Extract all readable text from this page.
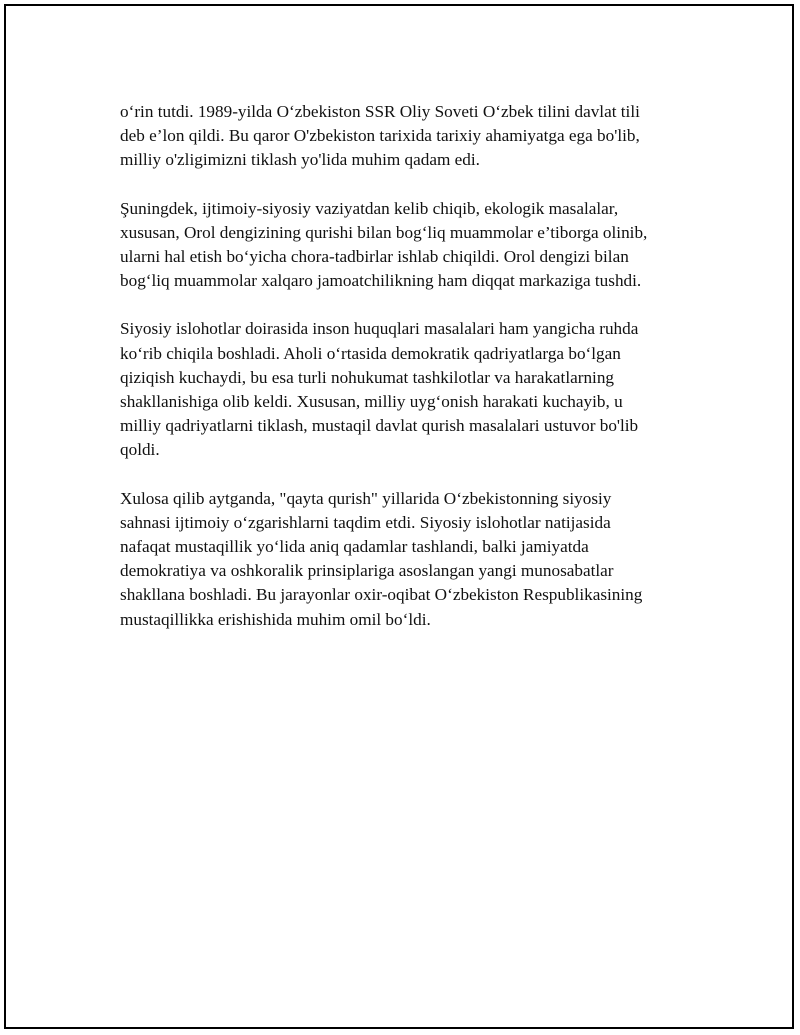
o‘rin tutdi. 1989-yilda O‘zbekiston SSR Oliy Soveti O‘zbek tilini davlat tili
deb e’lon qildi. Bu qaror O'zbekiston tarixida tarixiy ahamiyatga ega bo'lib,
milliy o'zligimizni tiklash yo'lida muhim qadam edi.

Şuningdek, ijtimoiy-siyosiy vaziyatdan kelib chiqib, ekologik masalalar,
xususan, Orol dengizining qurishi bilan bog‘liq muammolar e’tiborga olinib,
ularni hal etish bo‘yicha chora-tadbirlar ishlab chiqildi. Orol dengizi bilan
bog‘liq muammolar xalqaro jamoatchilikning ham diqqat markaziga tushdi.

Siyosiy islohotlar doirasida inson huquqlari masalalari ham yangicha ruhda
ko‘rib chiqila boshladi. Aholi o‘rtasida demokratik qadriyatlarga bo‘lgan
qiziqish kuchaydi, bu esa turli nohukumat tashkilotlar va harakatlarning
shakllanishiga olib keldi. Xususan, milliy uyg‘onish harakati kuchayib, u
milliy qadriyatlarni tiklash, mustaqil davlat qurish masalalari ustuvor bo'lib
qoldi.

Xulosa qilib aytganda, "qayta qurish" yillarida O‘zbekistonning siyosiy
sahnasi ijtimoiy o‘zgarishlarni taqdim etdi. Siyosiy islohotlar natijasida
nafaqat mustaqillik yo‘lida aniq qadamlar tashlandi, balki jamiyatda
demokratiya va oshkoralik prinsiplariga asoslangan yangi munosabatlar
shakllana boshladi. Bu jarayonlar oxir-oqibat O‘zbekiston Respublikasining
mustaqillikka erishishida muhim omil bo‘ldi.
